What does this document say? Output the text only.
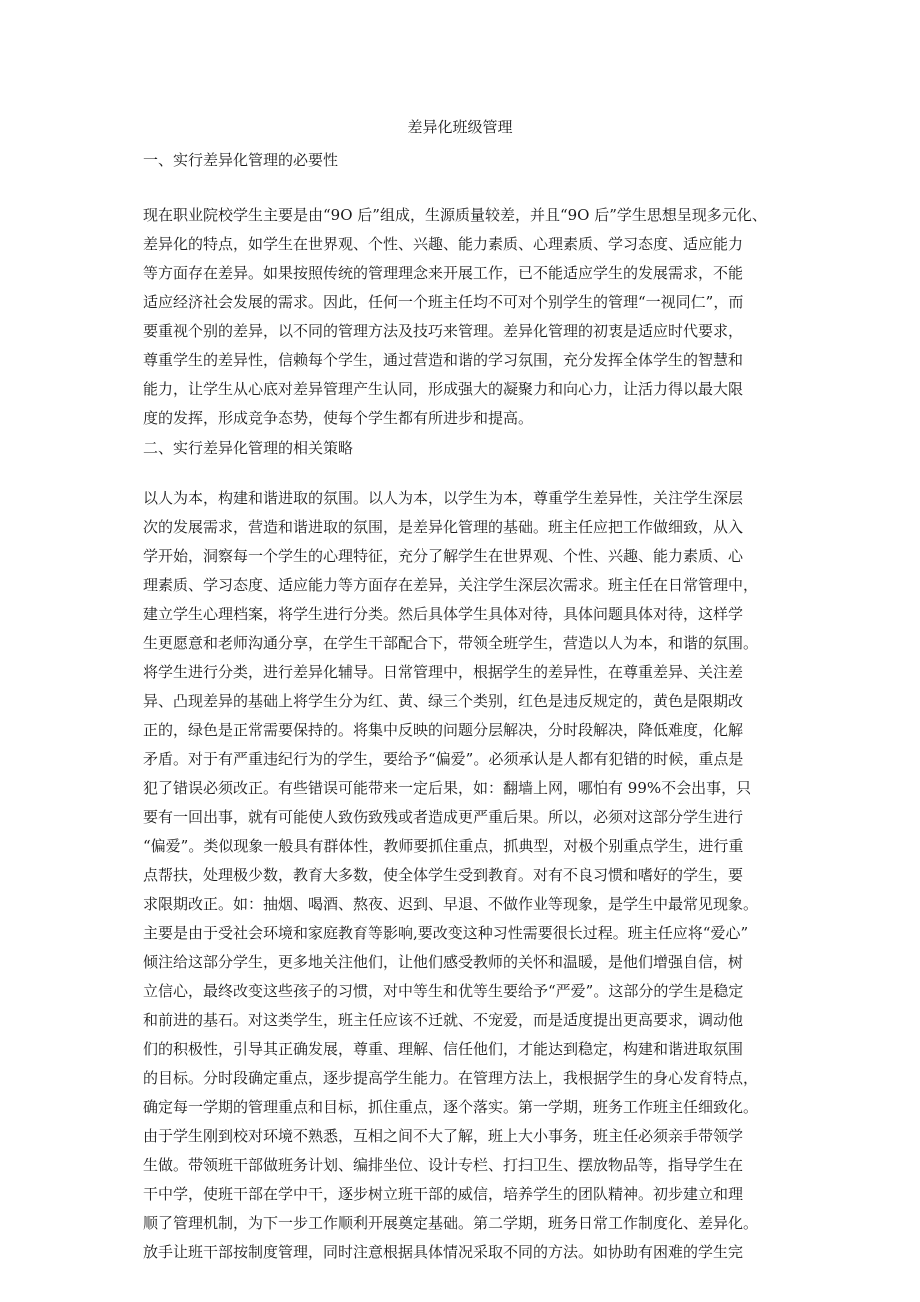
差异化班级管理
一、实行差异化管理的必要性
现在职业院校学生主要是由“9O 后”组成，生源质量较差，并且“9O 后”学生思想呈现多元化、
差异化的特点，如学生在世界观、个性、兴趣、能力素质、心理素质、学习态度、适应能力
等方面存在差异。如果按照传统的管理理念来开展工作，已不能适应学生的发展需求，不能
适应经济社会发展的需求。因此，任何一个班主任均不可对个别学生的管理“一视同仁”，而
要重视个别的差异，以不同的管理方法及技巧来管理。差异化管理的初衷是适应时代要求，
尊重学生的差异性，信赖每个学生，通过营造和谐的学习氛围，充分发挥全体学生的智慧和
能力，让学生从心底对差异管理产生认同，形成强大的凝聚力和向心力，让活力得以最大限
度的发挥，形成竞争态势，使每个学生都有所进步和提高。
二、实行差异化管理的相关策略
以人为本，构建和谐进取的氛围。以人为本，以学生为本，尊重学生差异性，关注学生深层
次的发展需求，营造和谐进取的氛围，是差异化管理的基础。班主任应把工作做细致，从入
学开始，洞察每一个学生的心理特征，充分了解学生在世界观、个性、兴趣、能力素质、心
理素质、学习态度、适应能力等方面存在差异，关注学生深层次需求。班主任在日常管理中，
建立学生心理档案，将学生进行分类。然后具体学生具体对待，具体问题具体对待，这样学
生更愿意和老师沟通分享，在学生干部配合下，带领全班学生，营造以人为本，和谐的氛围。
将学生进行分类，进行差异化辅导。日常管理中，根据学生的差异性，在尊重差异、关注差
异、凸现差异的基础上将学生分为红、黄、绿三个类别，红色是违反规定的，黄色是限期改
正的，绿色是正常需要保持的。将集中反映的问题分层解决，分时段解决，降低难度，化解
矛盾。对于有严重违纪行为的学生，要给予“偏爱”。必须承认是人都有犯错的时候，重点是
犯了错误必须改正。有些错误可能带来一定后果，如：翻墙上网，哪怕有 99%不会出事，只
要有一回出事，就有可能使人致伤致残或者造成更严重后果。所以，必须对这部分学生进行
“偏爱”。类似现象一般具有群体性，教师要抓住重点，抓典型，对极个别重点学生，进行重
点帮扶，处理极少数，教育大多数，使全体学生受到教育。对有不良习惯和嗜好的学生，要
求限期改正。如：抽烟、喝酒、熬夜、迟到、早退、不做作业等现象，是学生中最常见现象。
主要是由于受社会环境和家庭教育等影响,要改变这种习性需要很长过程。班主任应将“爱心”
倾注给这部分学生，更多地关注他们，让他们感受教师的关怀和温暖，是他们增强自信，树
立信心，最终改变这些孩子的习惯，对中等生和优等生要给予“严爱”。这部分的学生是稳定
和前进的基石。对这类学生，班主任应该不迁就、不宠爱，而是适度提出更高要求，调动他
们的积极性，引导其正确发展，尊重、理解、信任他们，才能达到稳定，构建和谐进取氛围
的目标。分时段确定重点，逐步提高学生能力。在管理方法上，我根据学生的身心发育特点，
确定每一学期的管理重点和目标，抓住重点，逐个落实。第一学期，班务工作班主任细致化。
由于学生刚到校对环境不熟悉，互相之间不大了解，班上大小事务，班主任必须亲手带领学
生做。带领班干部做班务计划、编排坐位、设计专栏、打扫卫生、摆放物品等，指导学生在
干中学，使班干部在学中干，逐步树立班干部的威信，培养学生的团队精神。初步建立和理
顺了管理机制，为下一步工作顺利开展奠定基础。第二学期，班务日常工作制度化、差异化。
放手让班干部按制度管理，同时注意根据具体情况采取不同的方法。如协助有困难的学生完
